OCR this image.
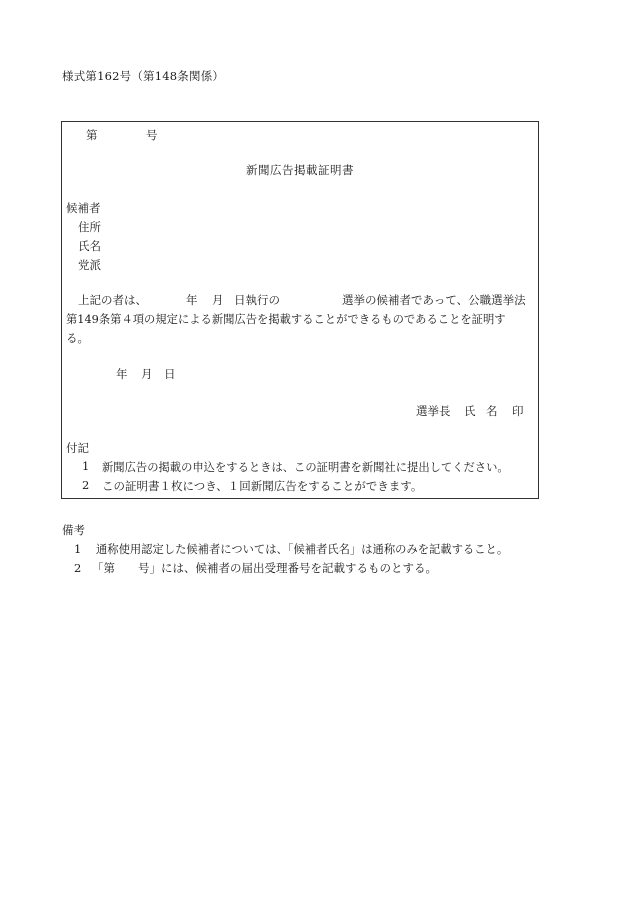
様式第162号（第148条関係）
第	号
新聞広告掲載証明書
候補者
住所
氏名
党派
上記の者は、	年 月 日執行の	選挙の候補者であって、公職選挙法
第149条第４項の規定による新聞広告を掲載することができるものであることを証明す
る。
年 月 日
選挙長 氏 名 印
付記
1 新聞広告の掲載の申込をするときは、この証明書を新聞社に提出してください。
2 この証明書１枚につき、１回新聞広告をすることができます。
備考
1 通称使用認定した候補者については、「候補者氏名」は通称のみを記載すること。
2 「第　　号」には、候補者の届出受理番号を記載するものとする。
